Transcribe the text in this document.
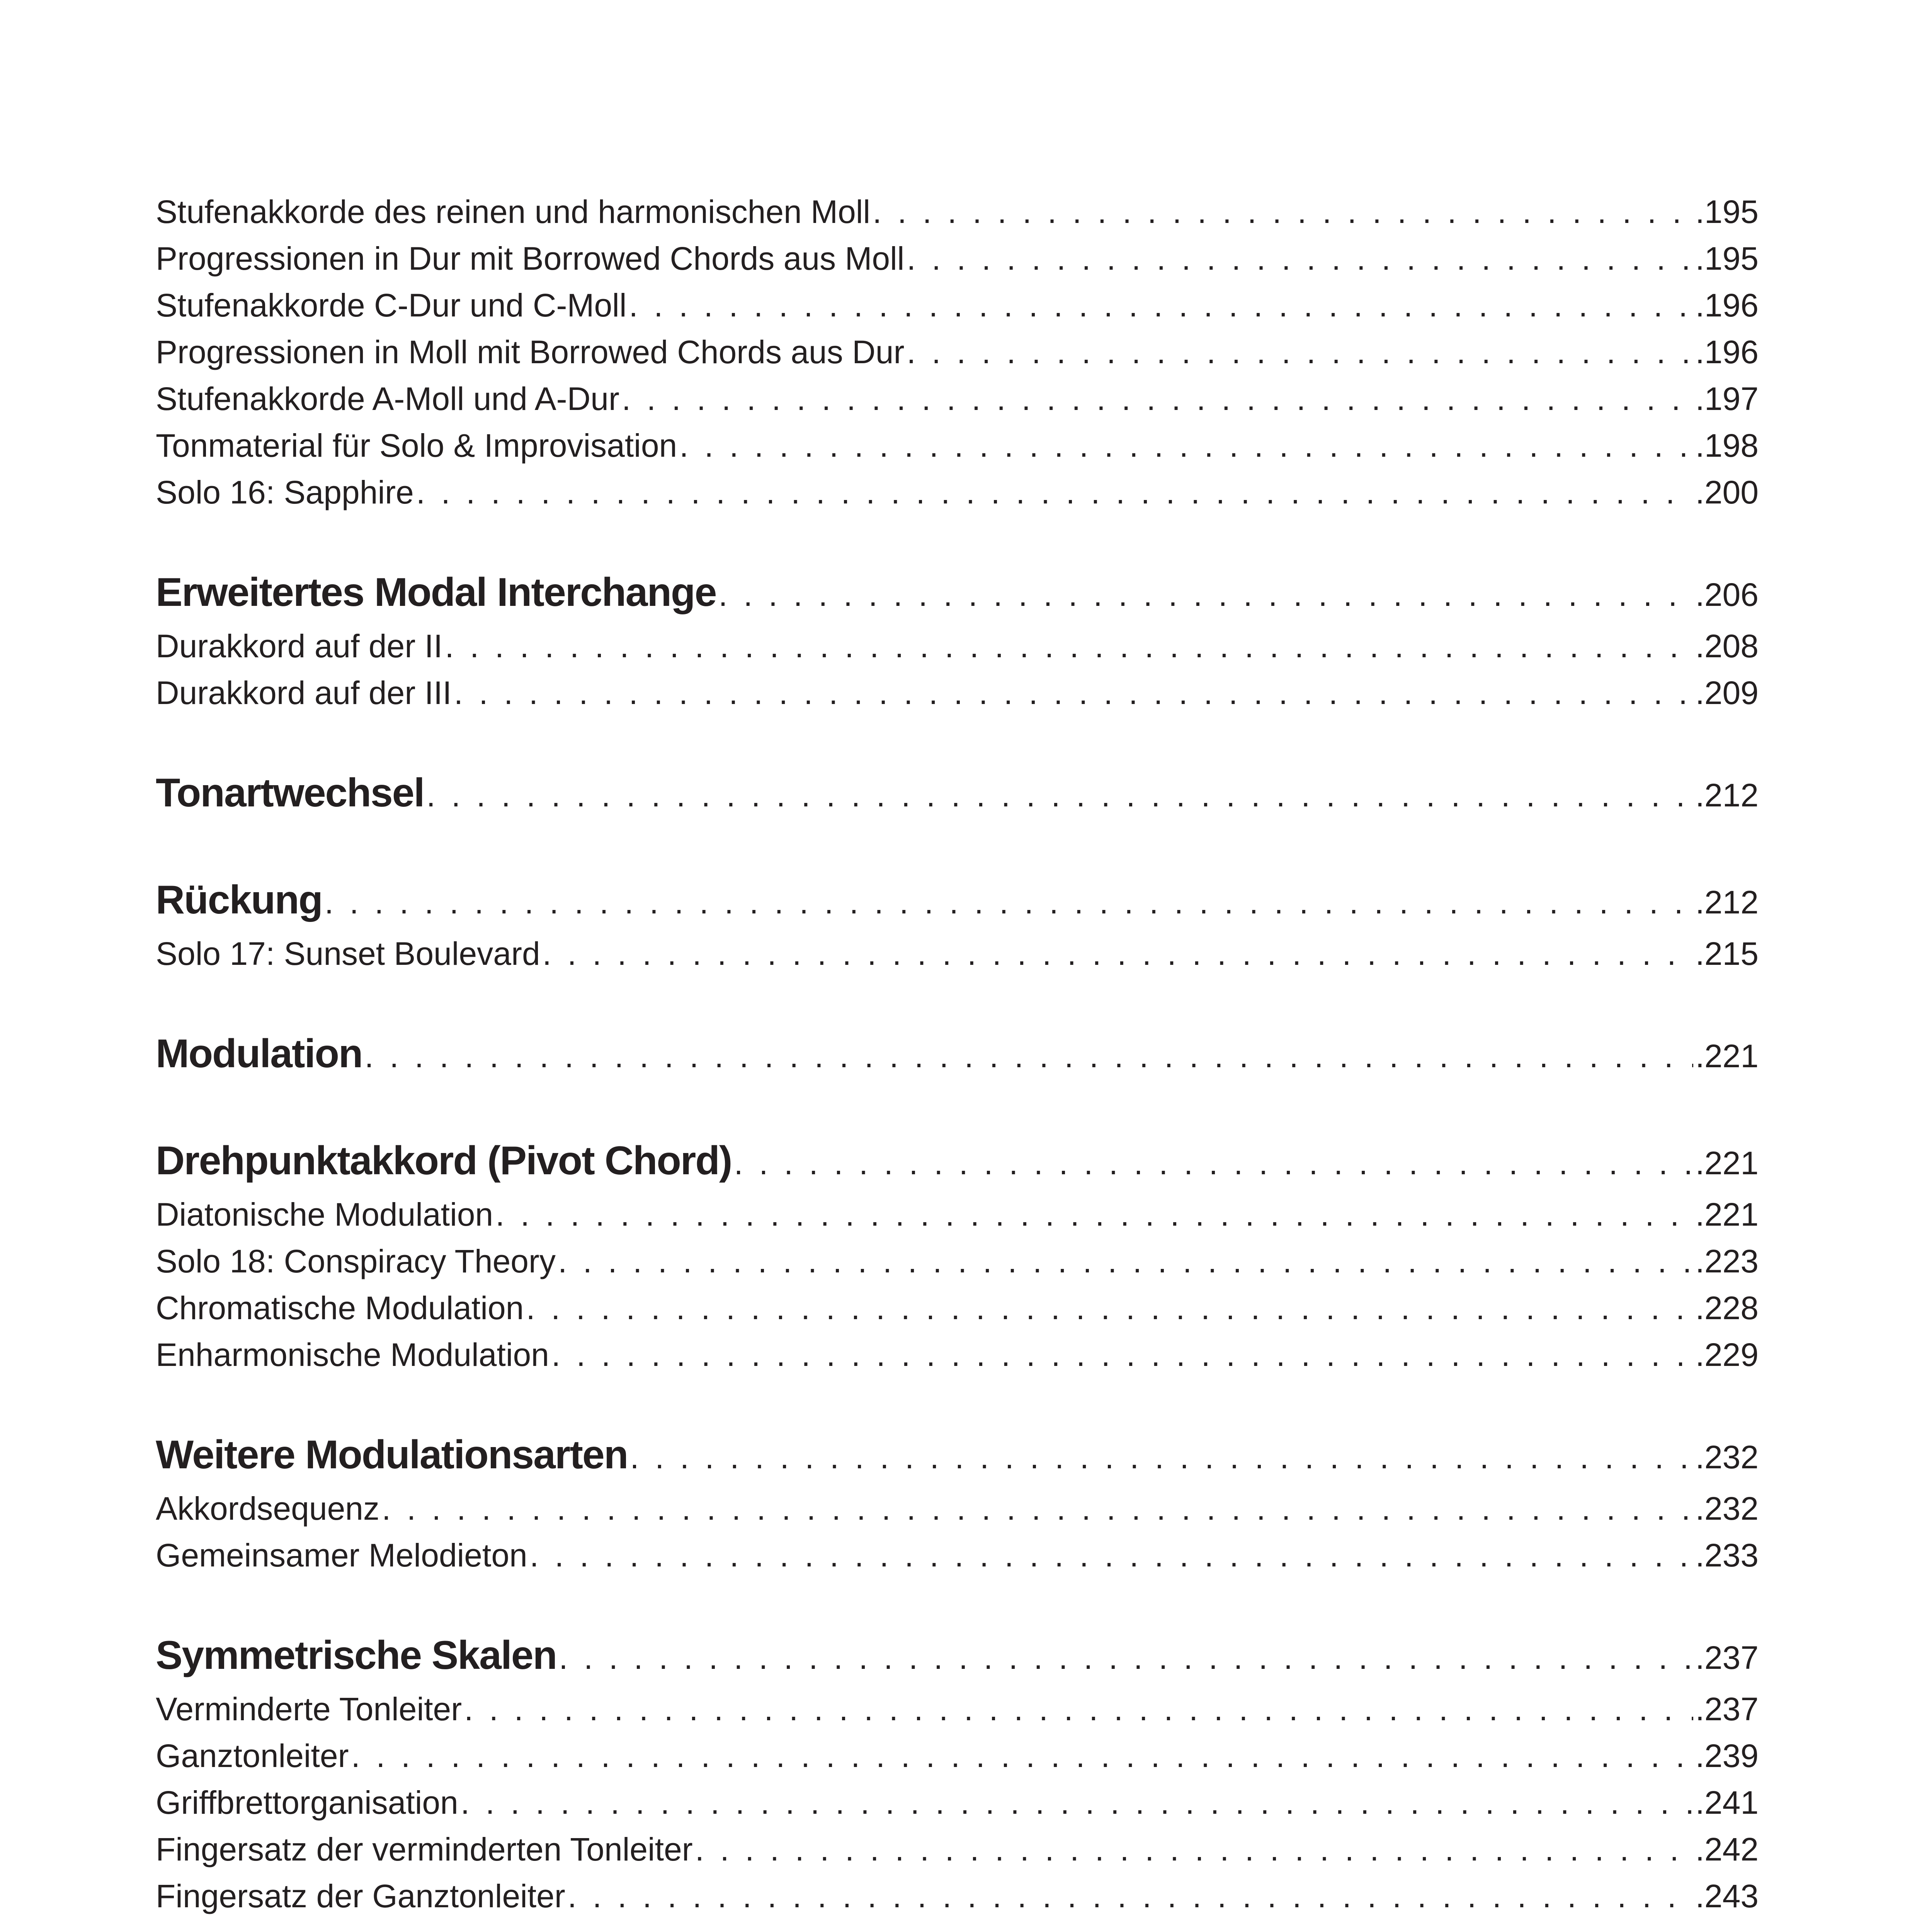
Stufenakkorde des reinen und harmonischen Moll . . .	.195
Progressionen in Dur mit Borrowed Chords aus Moll . . .	.195
Stufenakkorde C-Dur und C-Moll . . .	.196
Progressionen in Moll mit Borrowed Chords aus Dur . . .	.196
Stufenakkorde A-Moll und A-Dur . . .	.197
Tonmaterial für Solo & Improvisation . . .	.198
Solo 16: Sapphire . . .	.200
Erweitertes Modal Interchange . . .	.206
Durakkord auf der II . . .	.208
Durakkord auf der III . . .	.209
Tonartwechsel . . .	.212
Rückung . . .	.212
Solo 17: Sunset Boulevard . . .	.215
Modulation . . .	.221
Drehpunktakkord (Pivot Chord) . . .	.221
Diatonische Modulation . . .	.221
Solo 18: Conspiracy Theory . . .	.223
Chromatische Modulation . . .	.228
Enharmonische Modulation . . .	.229
Weitere Modulationsarten . . .	.232
Akkordsequenz . . .	.232
Gemeinsamer Melodieton . . .	.233
Symmetrische Skalen . . .	.237
Verminderte Tonleiter . . .	.237
Ganztonleiter . . .	.239
Griffbrettorganisation . . .	.241
Fingersatz der verminderten Tonleiter . . .	.242
Fingersatz der Ganztonleiter . . .	.243
